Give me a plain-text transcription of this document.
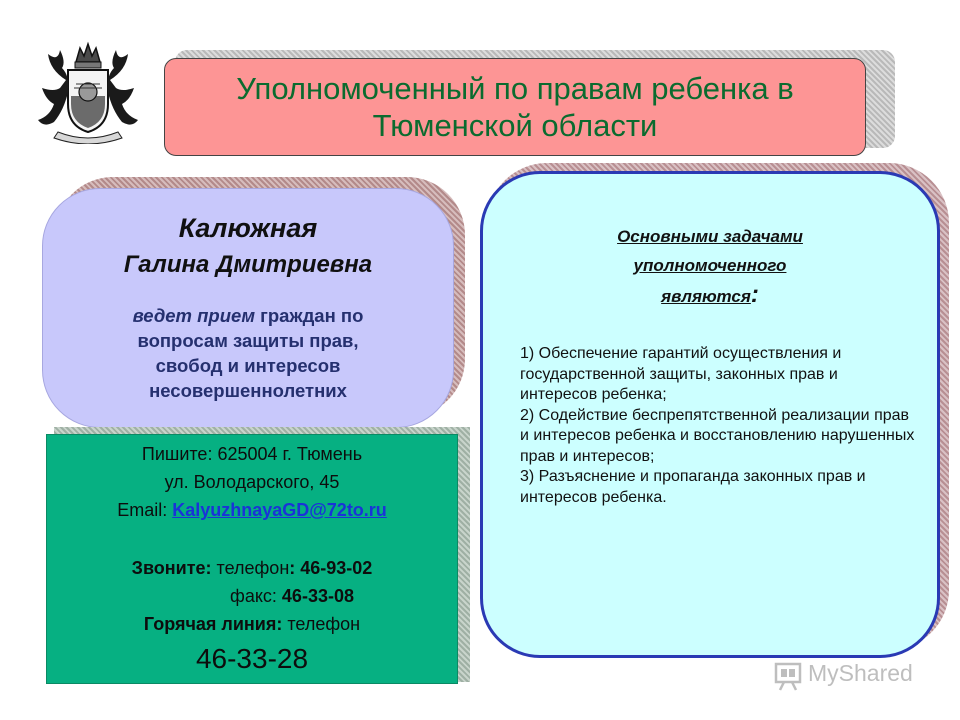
Уполномоченный по правам ребенка в
Тюменской области
Калюжная
Галина Дмитриевна
ведет прием граждан по
вопросам защиты прав,
свобод и интересов
несовершеннолетних
Пишите: 625004 г. Тюмень
ул. Володарского, 45
Email: KalyuzhnayaGD@72to.ru
Звоните: телефон: 46-93-02
факс: 46-33-08
Горячая линия: телефон
46-33-28
Основными задачами
уполномоченного
являются:

1) Обеспечение гарантий осуществления и государственной защиты, законных прав и интересов ребенка;

2) Содействие беспрепятственной реализации прав и интересов ребенка и восстановлению нарушенных прав и интересов;

3) Разъяснение и пропаганда законных прав и интересов ребенка.

MyShared
